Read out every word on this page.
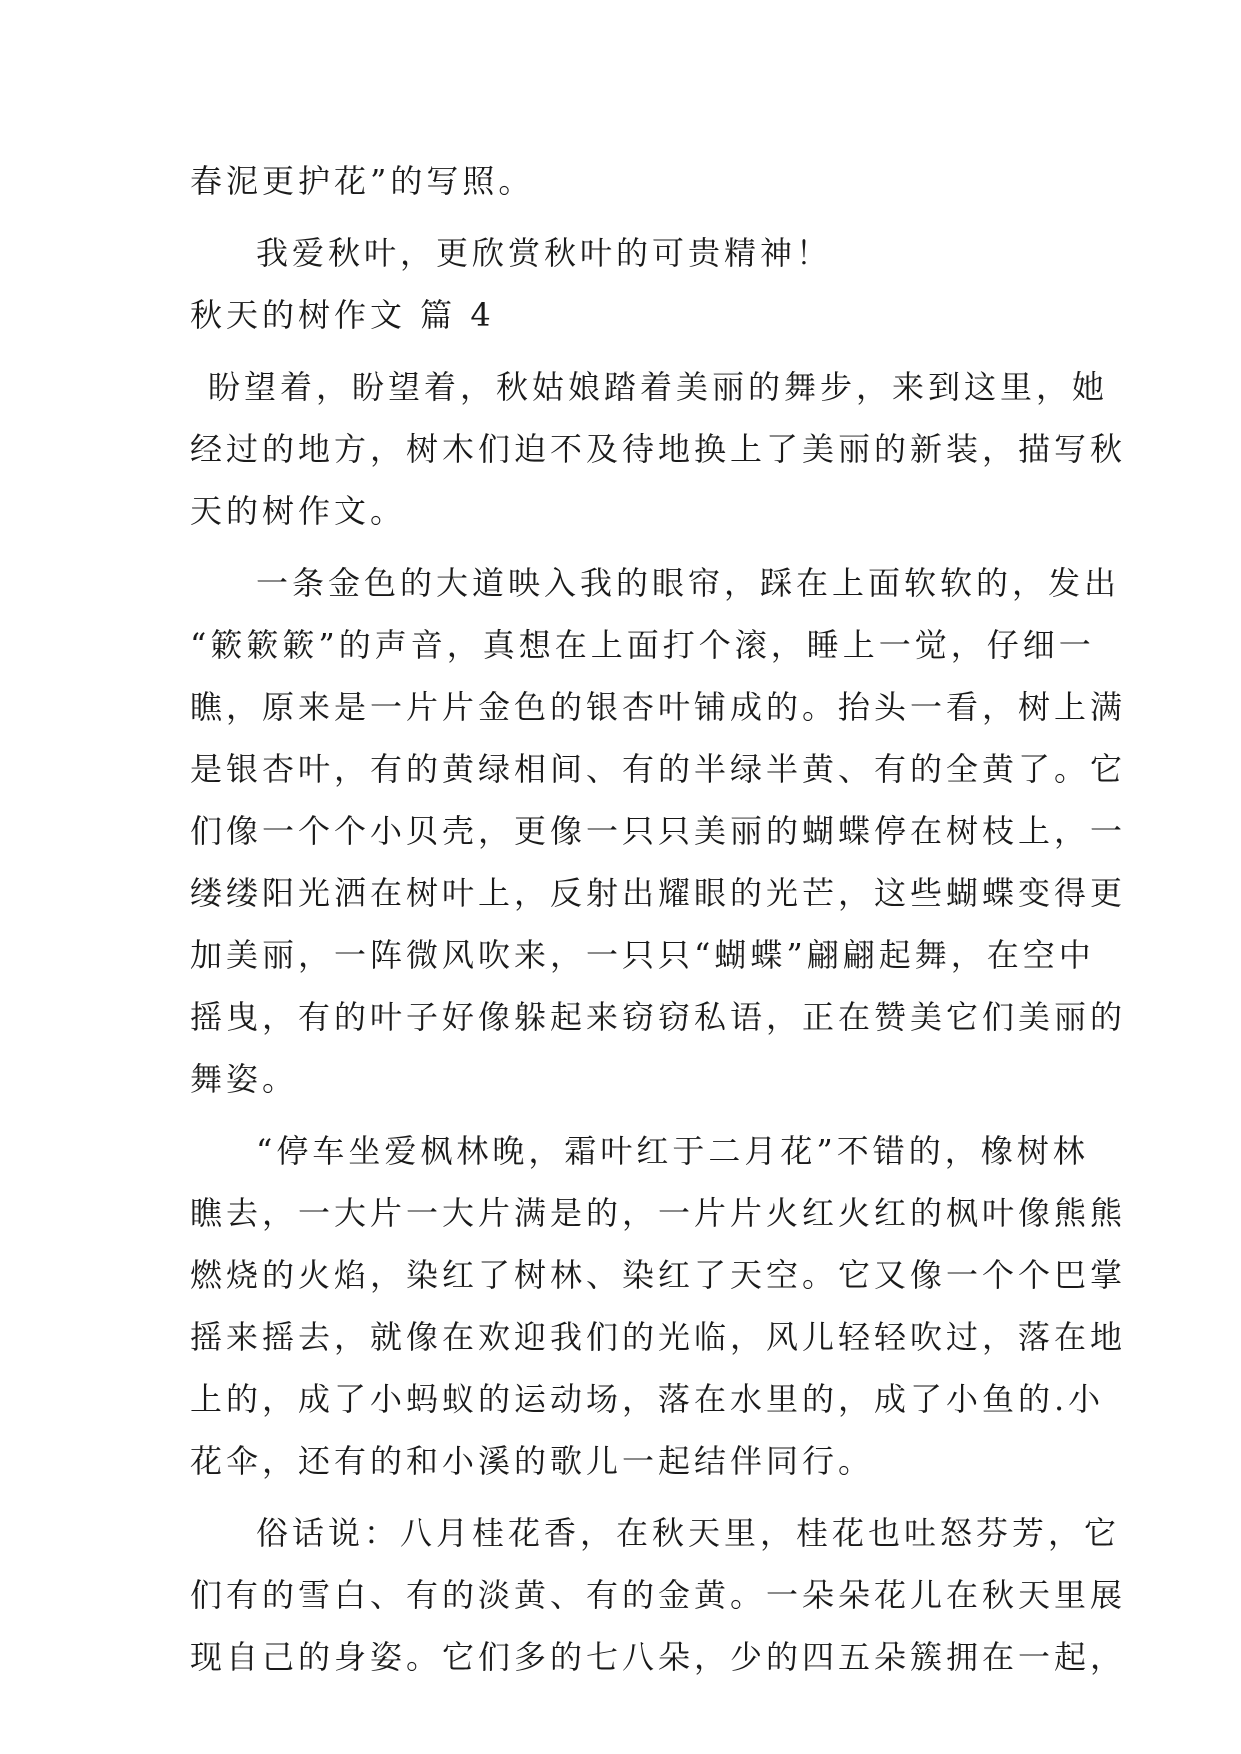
春泥更护花”的写照。
我爱秋叶，更欣赏秋叶的可贵精神！
秋天的树作文 篇 4
盼望着，盼望着，秋姑娘踏着美丽的舞步，来到这里，她
经过的地方，树木们迫不及待地换上了美丽的新装，描写秋
天的树作文。
一条金色的大道映入我的眼帘，踩在上面软软的，发出
“簌簌簌”的声音，真想在上面打个滚，睡上一觉，仔细一
瞧，原来是一片片金色的银杏叶铺成的。抬头一看，树上满
是银杏叶，有的黄绿相间、有的半绿半黄、有的全黄了。它
们像一个个小贝壳，更像一只只美丽的蝴蝶停在树枝上，一
缕缕阳光洒在树叶上，反射出耀眼的光芒，这些蝴蝶变得更
加美丽，一阵微风吹来，一只只“蝴蝶”翩翩起舞，在空中
摇曳，有的叶子好像躲起来窃窃私语，正在赞美它们美丽的
舞姿。
“停车坐爱枫林晚，霜叶红于二月花”不错的，橡树林
瞧去，一大片一大片满是的，一片片火红火红的枫叶像熊熊
燃烧的火焰，染红了树林、染红了天空。它又像一个个巴掌
摇来摇去，就像在欢迎我们的光临，风儿轻轻吹过，落在地
上的，成了小蚂蚁的运动场，落在水里的，成了小鱼的.小
花伞，还有的和小溪的歌儿一起结伴同行。
俗话说：八月桂花香，在秋天里，桂花也吐怒芬芳，它
们有的雪白、有的淡黄、有的金黄。一朵朵花儿在秋天里展
现自己的身姿。它们多的七八朵，少的四五朵簇拥在一起，
